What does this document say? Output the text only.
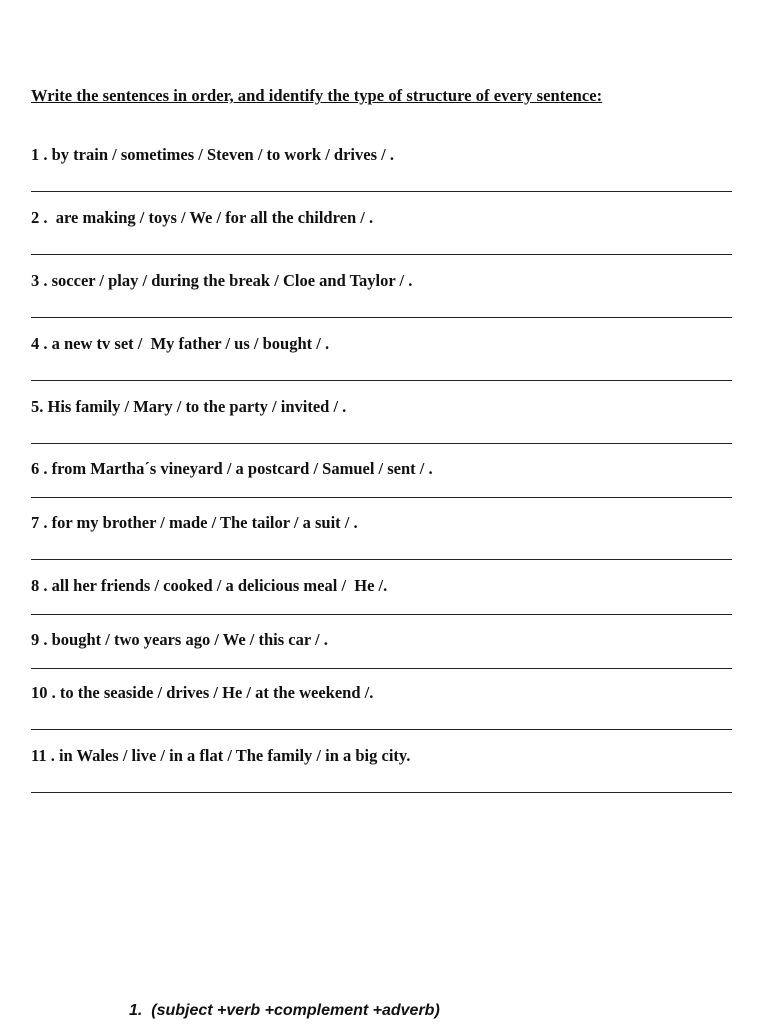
Write the sentences in order, and identify the type of structure of every sentence:
1 . by train / sometimes / Steven / to work / drives / .
2 .  are making / toys / We / for all the children / .
3 . soccer / play / during the break / Cloe and Taylor / .
4 . a new tv set /  My father / us / bought / .
5. His family / Mary / to the party / invited / .
6 . from Martha´s vineyard / a postcard / Samuel / sent / .
7 . for my brother / made / The tailor / a suit / .
8 . all her friends / cooked / a delicious meal /  He /.
9 . bought / two years ago / We / this car / .
10 . to the seaside / drives / He / at the weekend /.
11 . in Wales / live / in a flat / The family / in a big city.
1.  (subject +verb +complement +adverb)
